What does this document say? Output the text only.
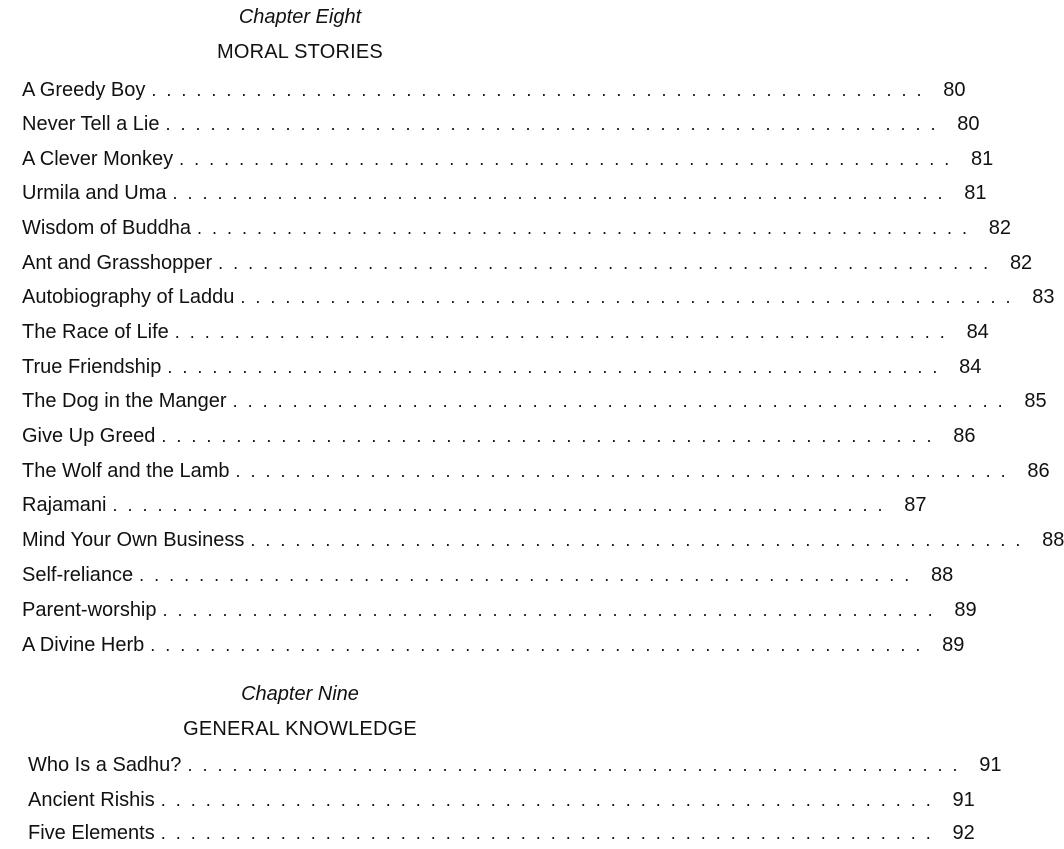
Chapter Eight
MORAL STORIES
A Greedy Boy .................................................... 80
Never Tell a Lie .................................................... 80
A Clever Monkey .................................................... 81
Urmila and Uma .................................................... 81
Wisdom of Buddha .................................................... 82
Ant and Grasshopper .................................................... 82
Autobiography of Laddu .................................................... 83
The Race of Life .................................................... 84
True Friendship .................................................... 84
The Dog in the Manger .................................................... 85
Give Up Greed .................................................... 86
The Wolf and the Lamb .................................................... 86
Rajamani .................................................... 87
Mind Your Own Business .................................................... 88
Self-reliance .................................................... 88
Parent-worship .................................................... 89
A Divine Herb .................................................... 89
Chapter Nine
GENERAL KNOWLEDGE
Who Is a Sadhu? .................................................... 91
Ancient Rishis .................................................... 91
Five Elements .................................................... 92
